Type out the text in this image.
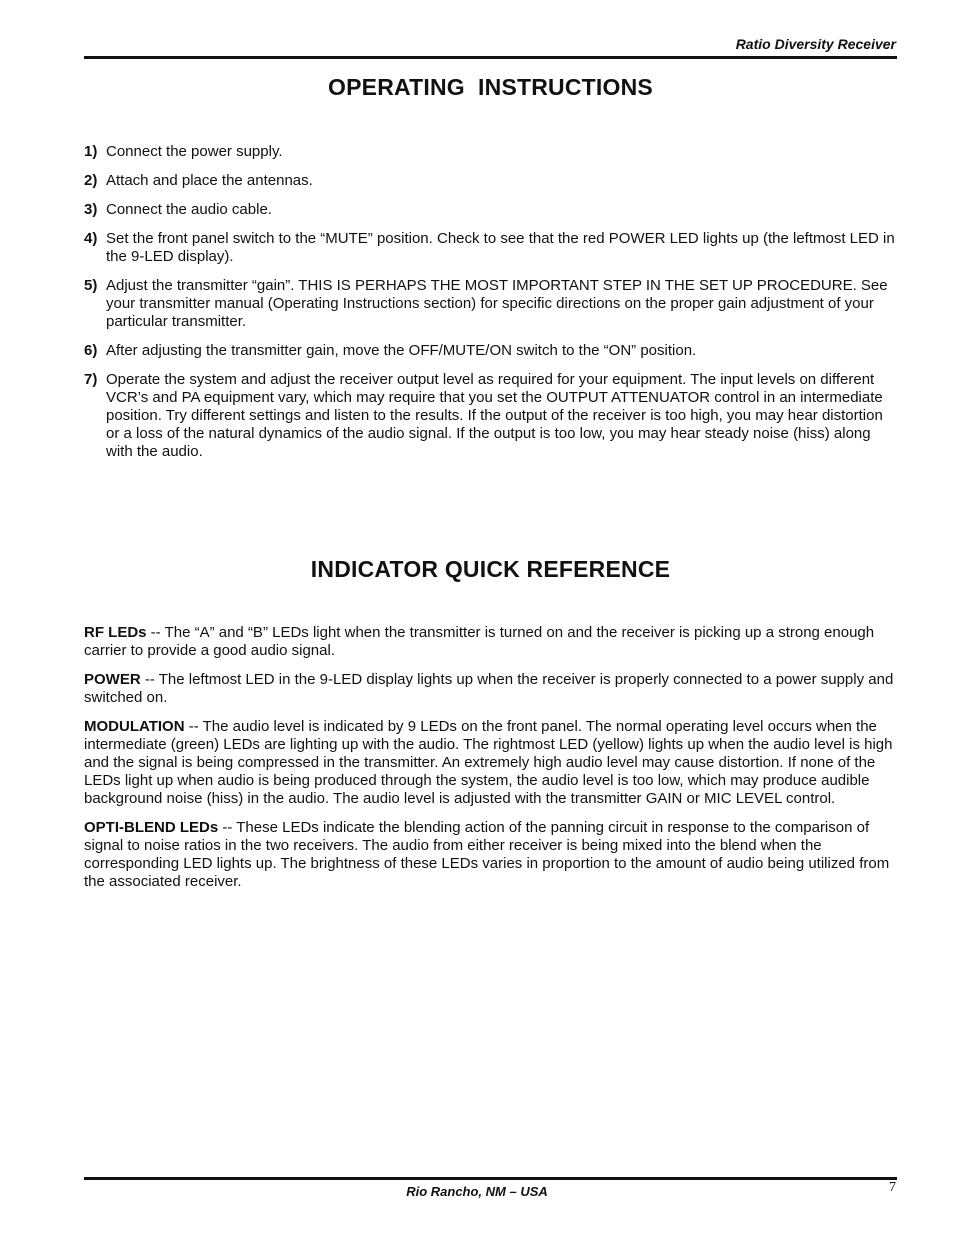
Ratio Diversity Receiver
OPERATING  INSTRUCTIONS
1) Connect the power supply.
2) Attach and place the antennas.
3) Connect the audio cable.
4) Set the front panel switch to the “MUTE” position. Check to see that the red POWER LED lights up (the leftmost LED in the 9-LED display).
5) Adjust the transmitter “gain”. THIS IS PERHAPS THE MOST IMPORTANT STEP IN THE SET UP PROCEDURE. See your transmitter manual (Operating Instructions section) for specific directions on the proper gain adjustment of your particular transmitter.
6) After adjusting the transmitter gain, move the OFF/MUTE/ON switch to the “ON” position.
7) Operate the system and adjust the receiver output level as required for your equipment. The input levels on different VCR’s and PA equipment vary, which may require that you set the OUTPUT ATTENUATOR control in an intermediate position. Try different settings and listen to the results. If the output of the receiver is too high, you may hear distortion or a loss of the natural dynamics of the audio signal. If the output is too low, you may hear steady noise (hiss) along with the audio.
INDICATOR QUICK REFERENCE

RF LEDs -- The “A” and “B” LEDs light when the transmitter is turned on and the receiver is picking up a strong enough carrier to provide a good audio signal.

POWER -- The leftmost LED in the 9-LED display lights up when the receiver is properly connected to a power supply and switched on.

MODULATION -- The audio level is indicated by 9 LEDs on the front panel. The normal operating level occurs when the intermediate (green) LEDs are lighting up with the audio. The rightmost LED (yellow) lights up when the audio level is high and the signal is being compressed in the transmitter. An extremely high audio level may cause distortion. If none of the LEDs light up when audio is being produced through the system, the audio level is too low, which may produce audible background noise (hiss) in the audio. The audio level is adjusted with the transmitter GAIN or MIC LEVEL control.

OPTI-BLEND LEDs -- These LEDs indicate the blending action of the panning circuit in response to the comparison of signal to noise ratios in the two receivers. The audio from either receiver is being mixed into the blend when the corresponding LED lights up. The brightness of these LEDs varies in proportion to the amount of audio being utilized from the associated receiver.

Rio Rancho, NM – USA	7
